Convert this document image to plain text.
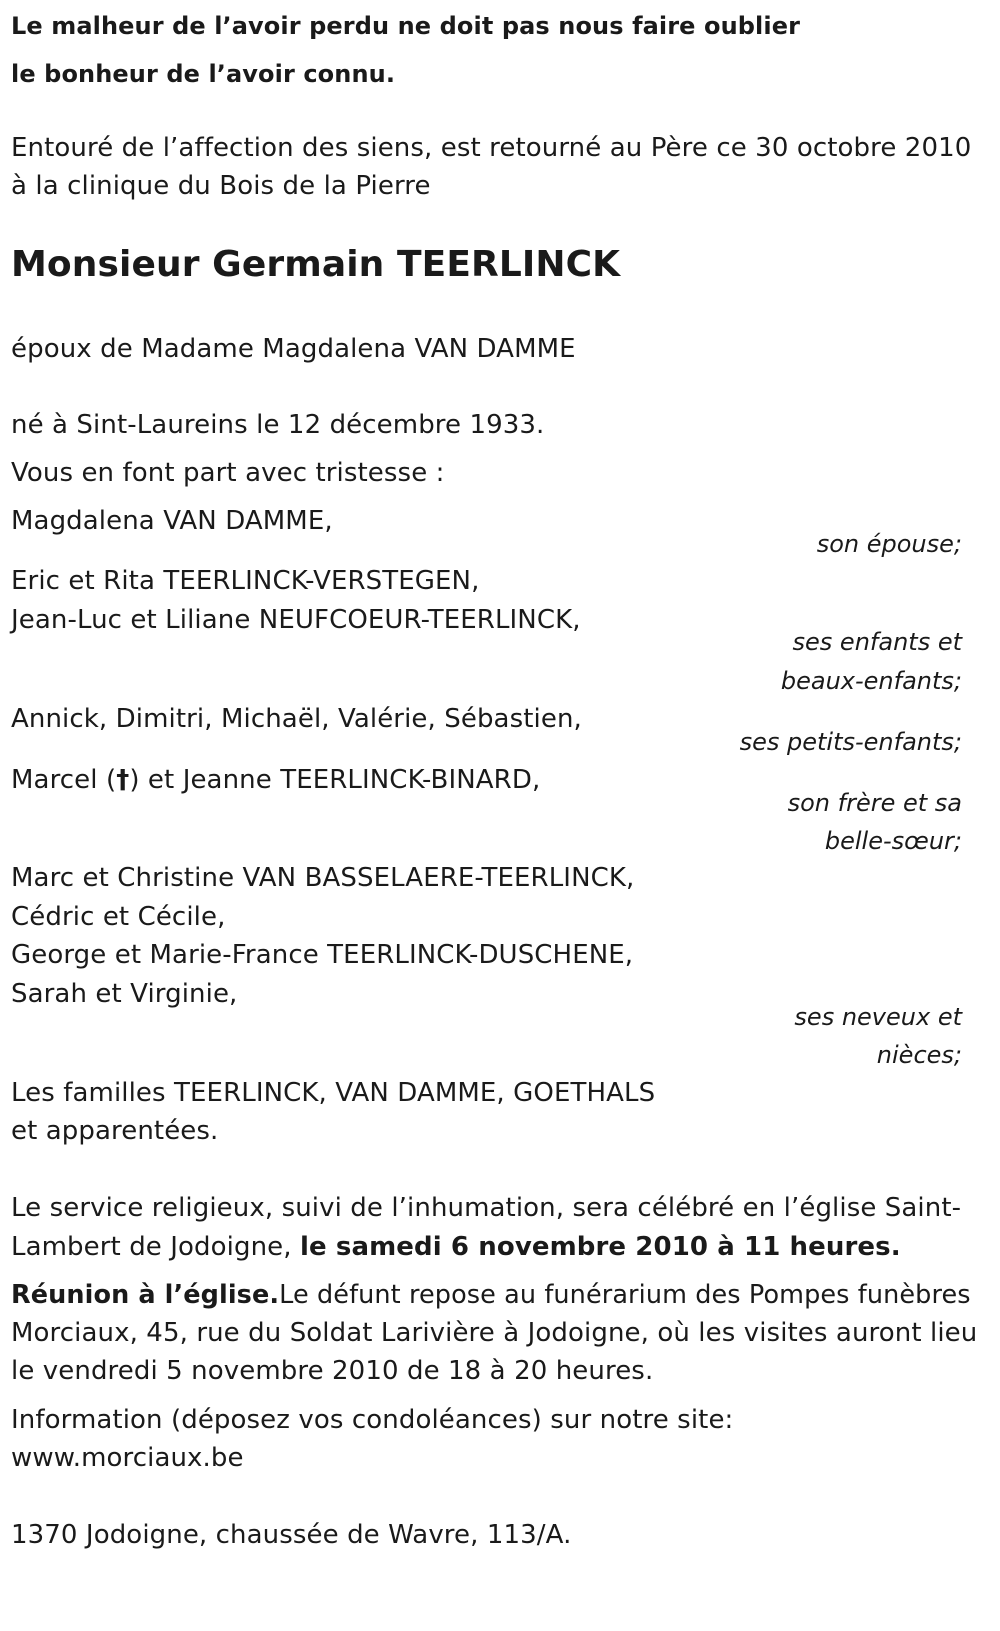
Le malheur de l’avoir perdu ne doit pas nous faire oublier

le bonheur de l’avoir connu.

Entouré de l’affection des siens, est retourné au Père ce 30 octobre 2010

à la clinique du Bois de la Pierre

Monsieur Germain TEERLINCK

époux de Madame Magdalena VAN DAMME

né à Sint-Laureins le 12 décembre 1933.

Vous en font part avec tristesse :

Magdalena VAN DAMME,

son épouse;

Eric et Rita TEERLINCK-VERSTEGEN,

Jean-Luc et Liliane NEUFCOEUR-TEERLINCK,

ses enfants et

beaux-enfants;

Annick, Dimitri, Michaël, Valérie, Sébastien,

ses petits-enfants;

Marcel (†) et Jeanne TEERLINCK-BINARD,

son frère et sa

belle-sœur;

Marc et Christine VAN BASSELAERE-TEERLINCK,

Cédric et Cécile,

George et Marie-France TEERLINCK-DUSCHENE,

Sarah et Virginie,

ses neveux et

nièces;

Les familles TEERLINCK, VAN DAMME, GOETHALS

et apparentées.

Le service religieux, suivi de l’inhumation, sera célébré en l’église Saint-

Lambert de Jodoigne, le samedi 6 novembre 2010 à 11 heures.

Réunion à l’église.Le défunt repose au funérarium des Pompes funèbres

Morciaux, 45, rue du Soldat Larivière à Jodoigne, où les visites auront lieu

le vendredi 5 novembre 2010 de 18 à 20 heures.

Information (déposez vos condoléances) sur notre site:

www.morciaux.be

1370 Jodoigne, chaussée de Wavre, 113/A.
